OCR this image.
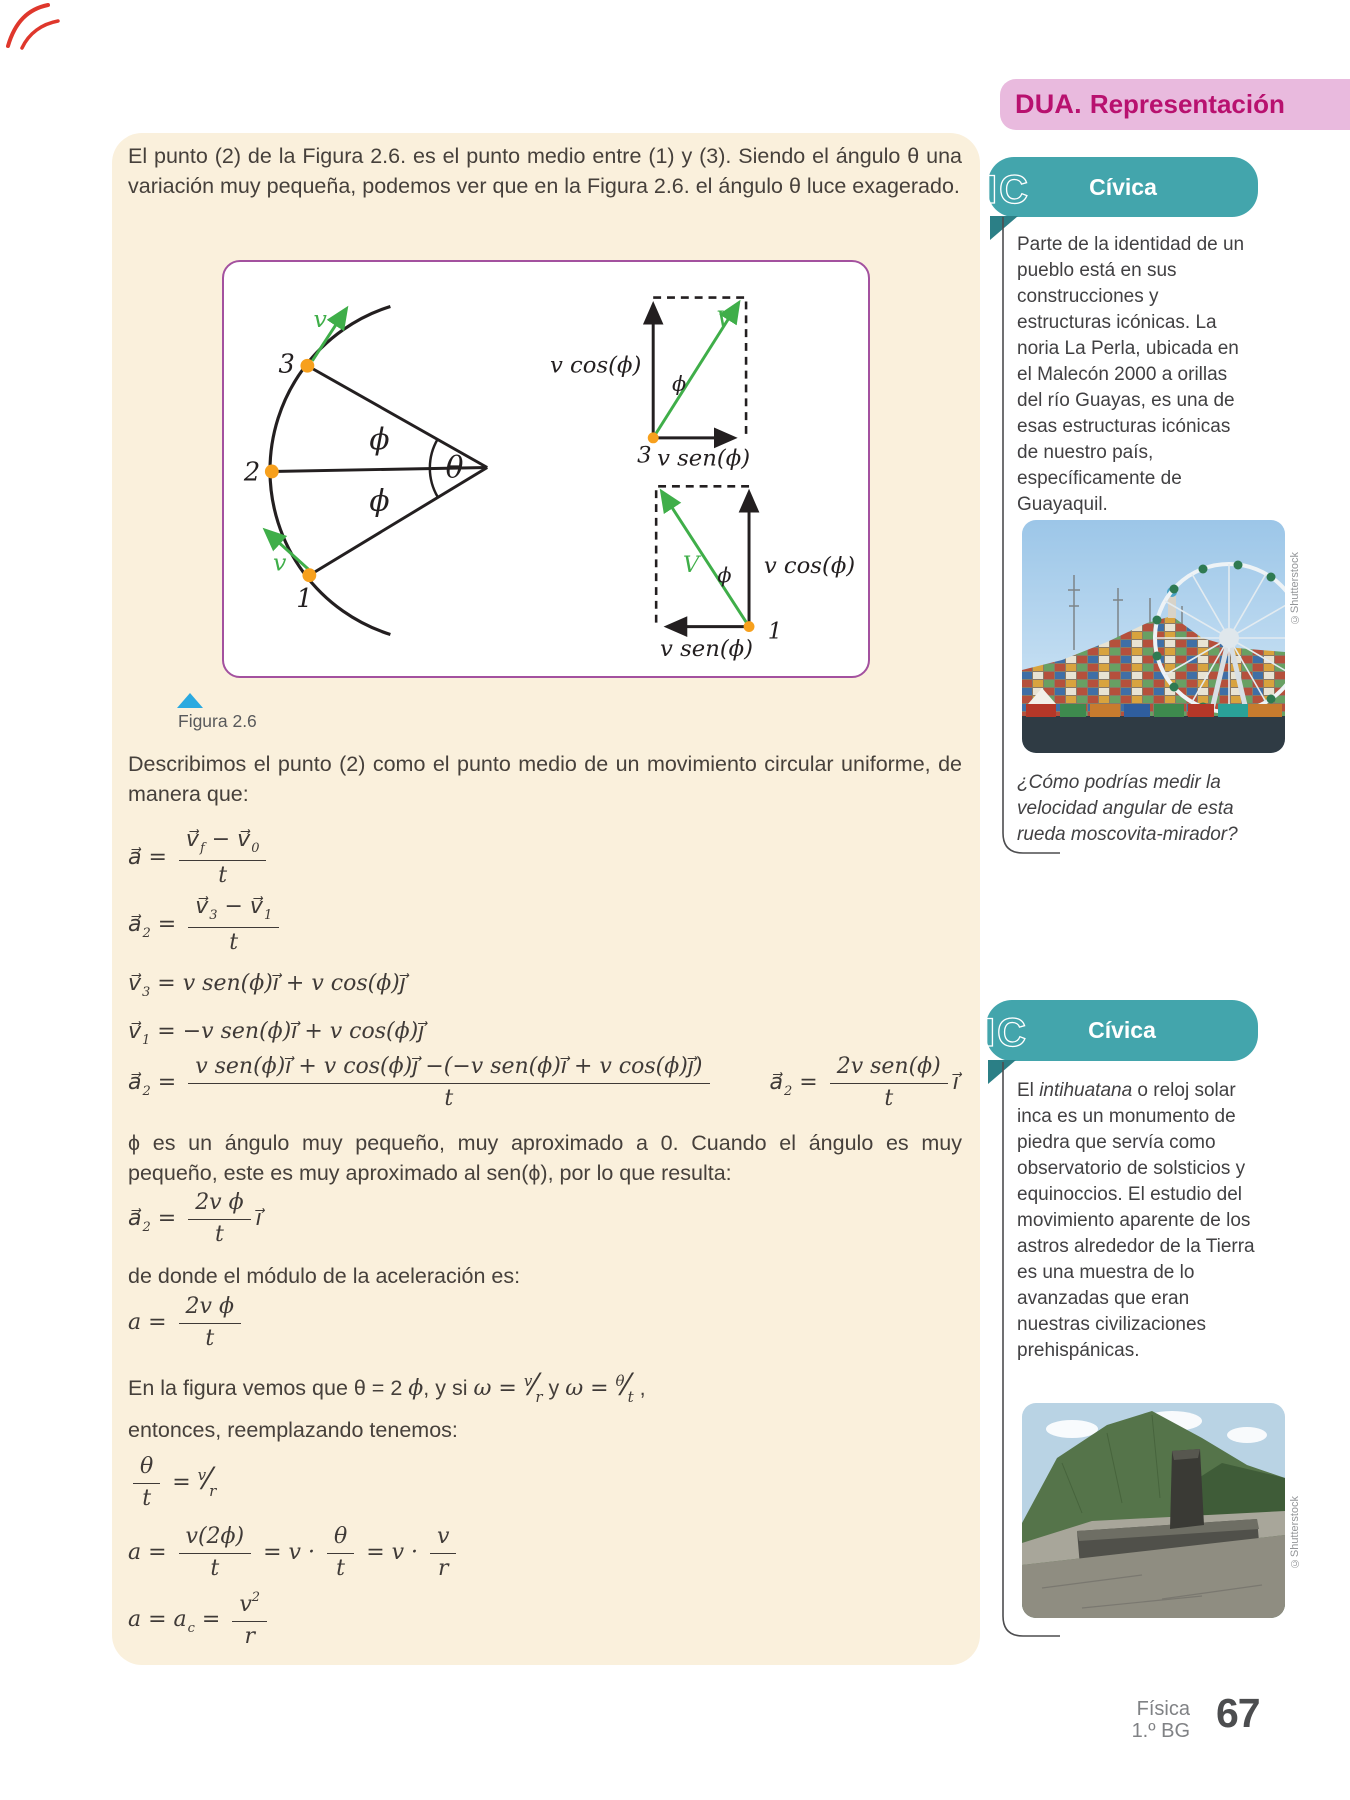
DUA. Representación

El punto (2) de la Figura 2.6. es el punto medio entre (1) y (3). Siendo el ángulo θ una variación muy pequeña, podemos ver que en la Figura 2.6. el ángulo θ luce exagerado.

3
2
1
v
v
ϕ
ϕ
θ
v cos(ϕ)
ϕ
V
v sen(ϕ)
3
v cos(ϕ)
ϕ
V
v sen(ϕ)
1
Figura 2.6

Describimos el punto (2) como el punto medio de un movimiento circular uniforme, de manera que:

a⃗ = $\frac{v⃗_f - v⃗_0}{t}$
$a⃗_2 = \frac{v⃗_3 - v⃗_1}{t}$
$v⃗_3 = v$ sen(ϕ)i⃗ + v cos(ϕ)j⃗
$v⃗_1 = -v$ sen(ϕ)i⃗ + v cos(ϕ)j⃗
$a⃗_2 = \frac{\text{v sen(ϕ)i⃗ + v cos(ϕ)j⃗ −(−v sen(ϕ)i⃗ + v cos(ϕ)j⃗)}}{t}$	$a⃗_2 = \frac{\text{2v sen(ϕ)}}{t}$ i⃗

ϕ es un ángulo muy pequeño, muy aproximado a 0. Cuando el ángulo es muy pequeño, este es muy aproximado al sen(ϕ), por lo que resulta:

$a⃗_2 = \frac{\text{2v ϕ}}{t}$ i⃗

de donde el módulo de la aceleración es:

$a = \frac{\text{2v ϕ}}{t}$
En la figura vemos que θ = 2 ϕ, y si $\omega = ^v⁄_r$ y $\omega = ^\theta⁄_t$ ,

entonces, reemplazando tenemos:

$\frac{\theta}{t}$ = $^v⁄_r$
$a = \frac{v(2\phi)}{t} = v \cdot \frac{\theta}{t} = v \cdot \frac{v}{r}$
$a = a_c = \frac{v^2}{r}$
Cívica
IC
Parte de la identidad de un pueblo está en sus construcciones y estructuras icónicas. La noria La Perla, ubicada en el Malecón 2000 a orillas del río Guayas, es una de esas estructuras icónicas de nuestro país, específicamente de Guayaquil.
©Shutterstock
¿Cómo podrías medir la velocidad angular de esta rueda moscovita-mirador?
Cívica
IC
El intihuatana o reloj solar inca es un monumento de piedra que servía como observatorio de solsticios y equinoccios. El estudio del movimiento aparente de los astros alrededor de la Tierra es una muestra de lo avanzadas que eran nuestras civilizaciones prehispánicas.
©Shutterstock
Física
1.º BG 67
